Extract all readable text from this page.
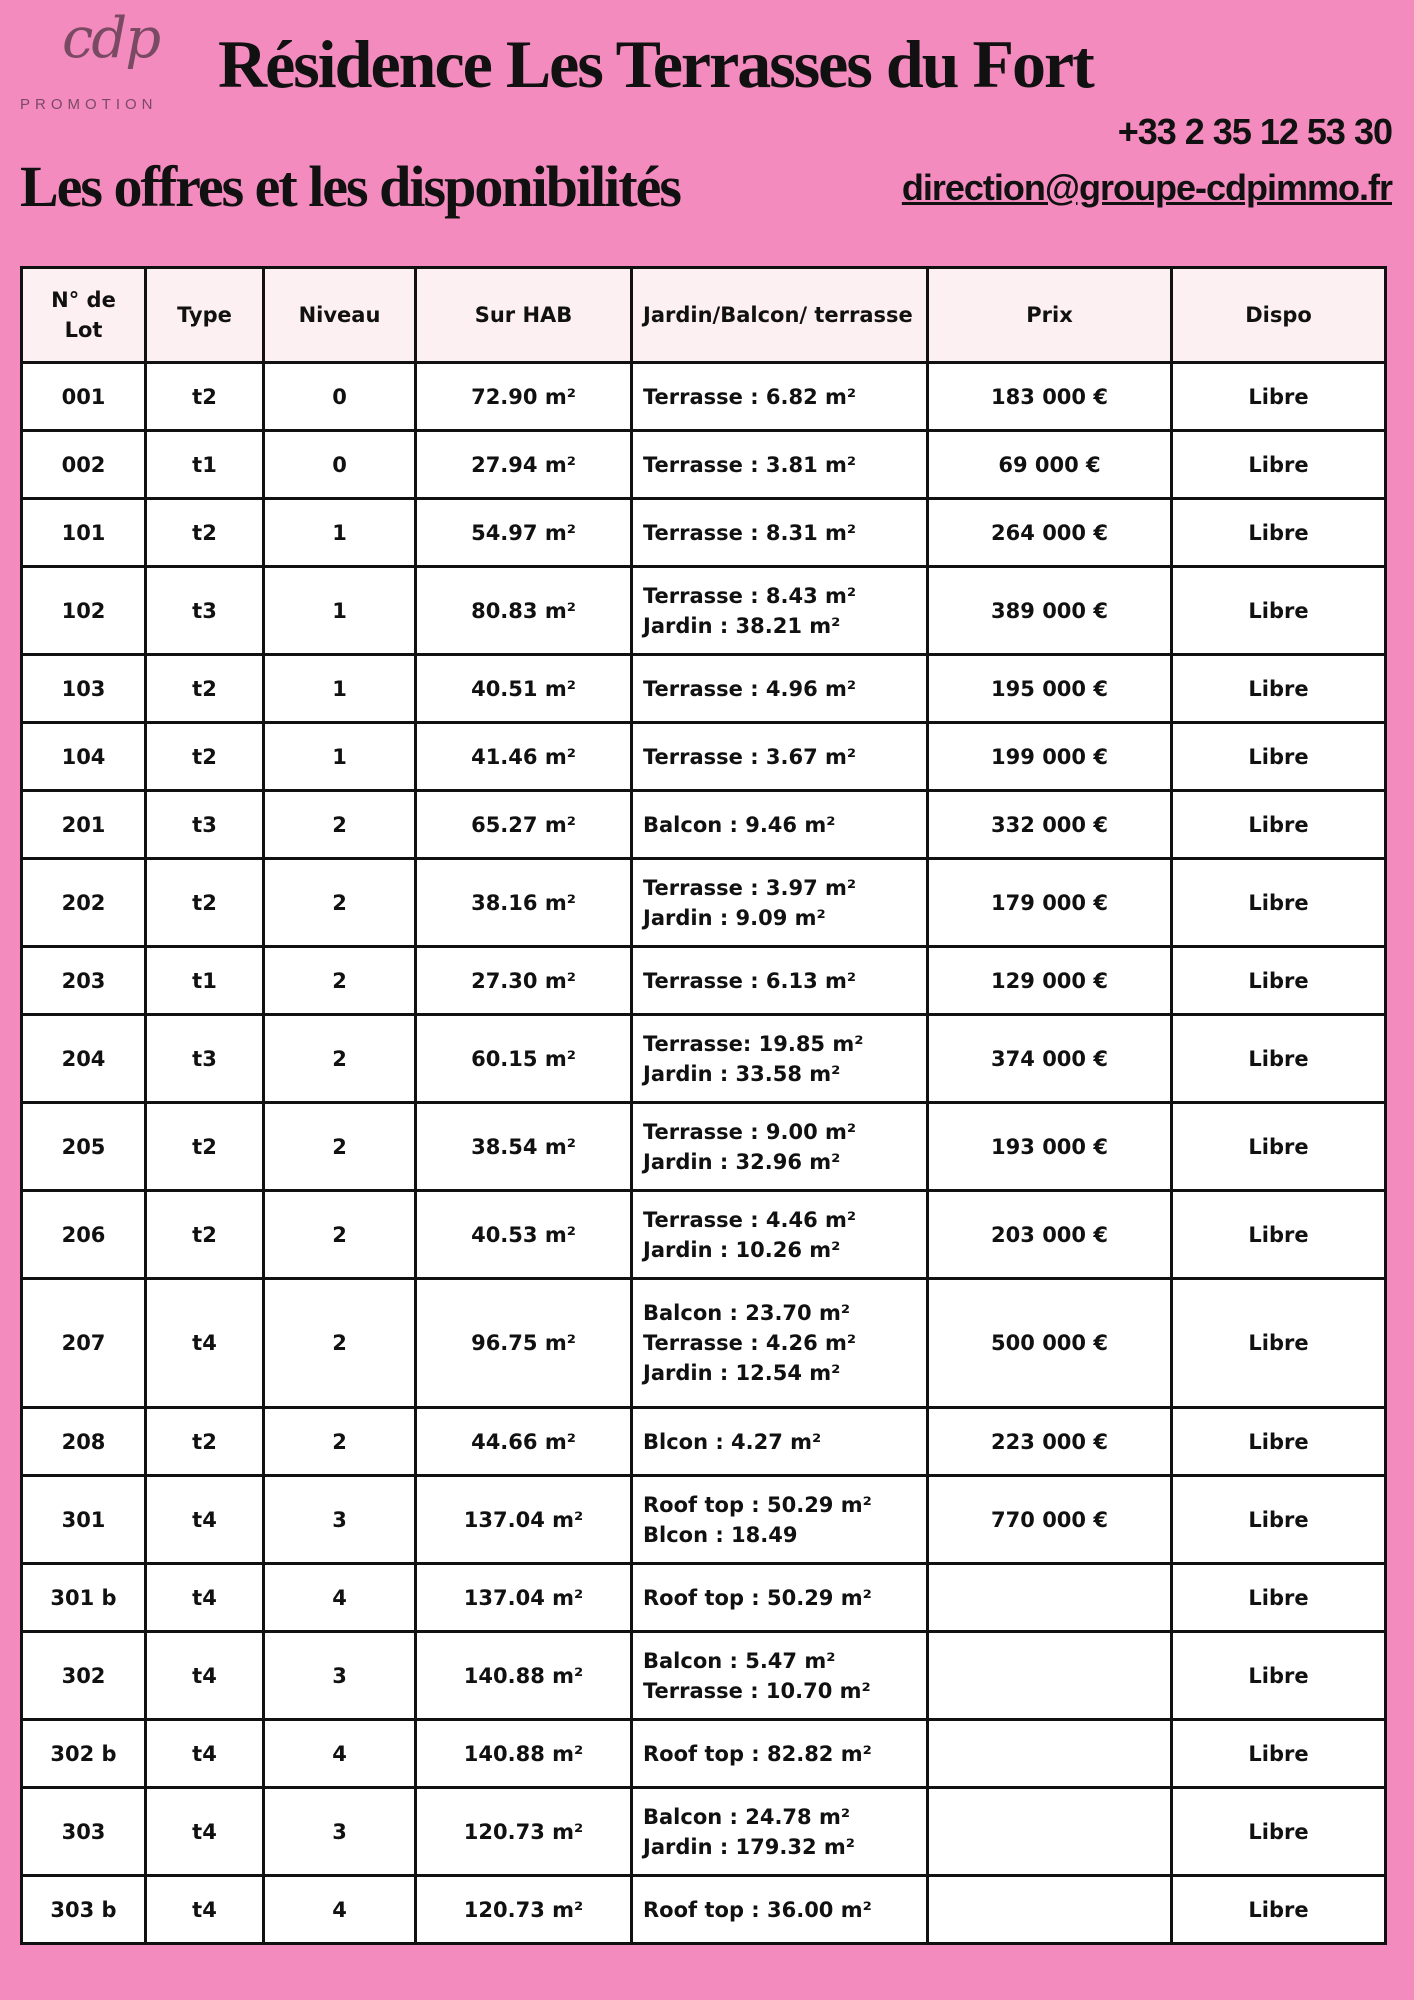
cdp
PROMOTION
Résidence Les Terrasses du Fort
Les offres et les disponibilités
+33 2 35 12 53 30
direction@groupe-cdpimmo.fr
N° de Lot	Type	Niveau	Sur HAB	Jardin/Balcon/ terrasse	Prix	Dispo
001	t2	0	72.90 m²	Terrasse : 6.82 m²	183 000 €	Libre
002	t1	0	27.94 m²	Terrasse : 3.81 m²	69 000 €	Libre
101	t2	1	54.97 m²	Terrasse : 8.31 m²	264 000 €	Libre
102	t3	1	80.83 m²	Terrasse : 8.43 m²
Jardin : 38.21 m²	389 000 €	Libre
103	t2	1	40.51 m²	Terrasse : 4.96 m²	195 000 €	Libre
104	t2	1	41.46 m²	Terrasse : 3.67 m²	199 000 €	Libre
201	t3	2	65.27 m²	Balcon : 9.46 m²	332 000 €	Libre
202	t2	2	38.16 m²	Terrasse : 3.97 m²
Jardin : 9.09 m²	179 000 €	Libre
203	t1	2	27.30 m²	Terrasse : 6.13 m²	129 000 €	Libre
204	t3	2	60.15 m²	Terrasse: 19.85 m²
Jardin : 33.58 m²	374 000 €	Libre
205	t2	2	38.54 m²	Terrasse : 9.00 m²
Jardin : 32.96 m²	193 000 €	Libre
206	t2	2	40.53 m²	Terrasse : 4.46 m²
Jardin : 10.26 m²	203 000 €	Libre
207	t4	2	96.75 m²	Balcon : 23.70 m²
Terrasse : 4.26 m²
Jardin : 12.54 m²	500 000 €	Libre
208	t2	2	44.66 m²	Blcon : 4.27 m²	223 000 €	Libre
301	t4	3	137.04 m²	Roof top : 50.29 m²
Blcon : 18.49	770 000 €	Libre
301 b	t4	4	137.04 m²	Roof top : 50.29 m²		Libre
302	t4	3	140.88 m²	Balcon : 5.47 m²
Terrasse : 10.70 m²		Libre
302 b	t4	4	140.88 m²	Roof top : 82.82 m²		Libre
303	t4	3	120.73 m²	Balcon : 24.78 m²
Jardin : 179.32 m²		Libre
303 b	t4	4	120.73 m²	Roof top : 36.00 m²		Libre
